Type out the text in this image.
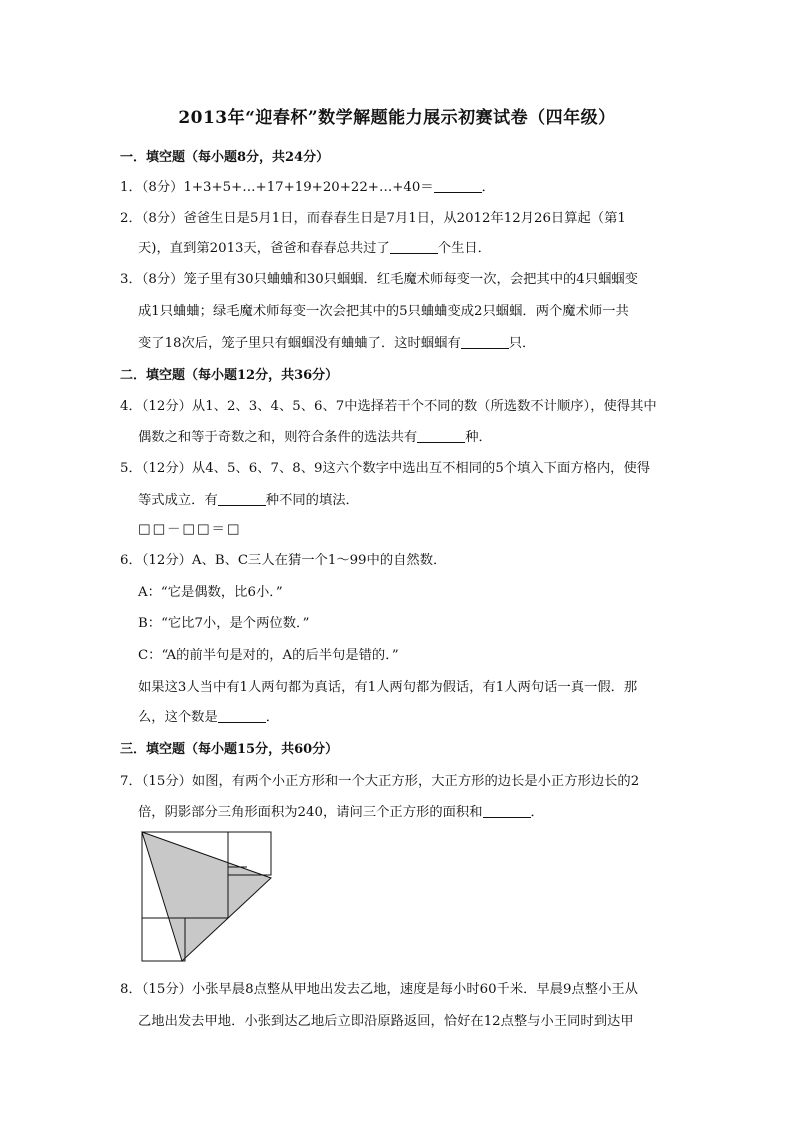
2013年“迎春杯”数学解题能力展示初赛试卷（四年级）

一．填空题（每小题8分，共24分）

1．（8分）1+3+5+…+17+19+20+22+…+40＝	．

2．（8分）爸爸生日是5月1日，而春春生日是7月1日，从2012年12月26日算起（第1

天)，直到第2013天，爸爸和春春总共过了	个生日．

3．（8分）笼子里有30只蛐蛐和30只蝈蝈．红毛魔术师每变一次，会把其中的4只蝈蝈变

成1只蛐蛐；绿毛魔术师每变一次会把其中的5只蛐蛐变成2只蝈蝈．两个魔术师一共

变了18次后，笼子里只有蝈蝈没有蛐蛐了．这时蝈蝈有	只．

二．填空题（每小题12分，共36分）

4．（12分）从1、2、3、4、5、6、7中选择若干个不同的数（所选数不计顺序），使得其中

偶数之和等于奇数之和，则符合条件的选法共有	种．

5．（12分）从4、5、6、7、8、9这六个数字中选出互不相同的5个填入下面方格内，使得

等式成立．有	种不同的填法．

□□－□□＝□

6．（12分）A、B、C三人在猜一个1～99中的自然数．

A：“它是偶数，比6小．”

B：“它比7小，是个两位数．”

C：“A的前半句是对的，A的后半句是错的．”

如果这3人当中有1人两句都为真话，有1人两句都为假话，有1人两句话一真一假．那

么，这个数是	．

三．填空题（每小题15分，共60分）

7．（15分）如图，有两个小正方形和一个大正方形，大正方形的边长是小正方形边长的2

倍，阴影部分三角形面积为240，请问三个正方形的面积和	．

8．（15分）小张早晨8点整从甲地出发去乙地，速度是每小时60千米．早晨9点整小王从

乙地出发去甲地．小张到达乙地后立即沿原路返回，恰好在12点整与小王同时到达甲
